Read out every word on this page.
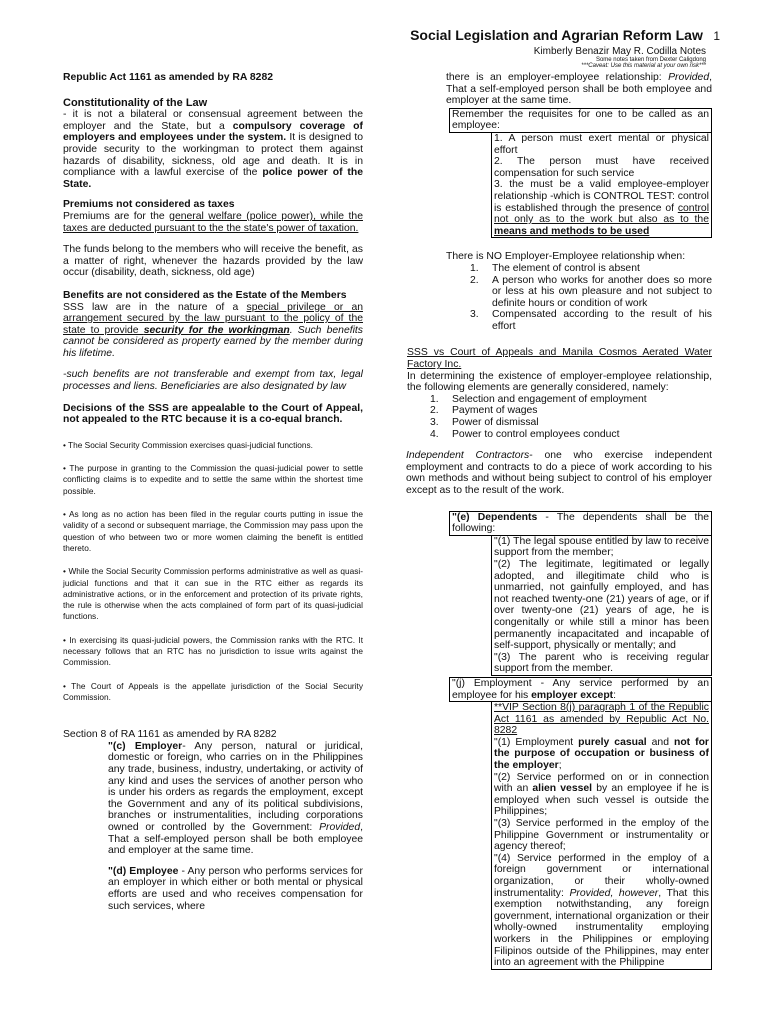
Social Legislation and Agrarian Reform Law 1
Kimberly Benazir May R. Codilla Notes
Some notes taken from Dexter Caligdong
***Caveat: Use this material at your own risk***

Republic Act 1161 as amended by RA 8282

Constitutionality of the Law

- it is not a bilateral or consensual agreement between the employer and the State, but a compulsory coverage of employers and employees under the system. It is designed to provide security to the workingman to protect them against hazards of disability, sickness, old age and death. It is in compliance with a lawful exercise of the police power of the State.

Premiums not considered as taxes

Premiums are for the general welfare (police power), while the taxes are deducted pursuant to the the state's power of taxation.

The funds belong to the members who will receive the benefit, as a matter of right, whenever the hazards provided by the law occur (disability, death, sickness, old age)

Benefits are not considered as the Estate of the Members

SSS law are in the nature of a special privilege or an arrangement secured by the law pursuant to the policy of the state to provide security for the workingman. Such benefits cannot be considered as property earned by the member during his lifetime.

-such benefits are not transferable and exempt from tax, legal processes and liens. Beneficiaries are also designated by law

Decisions of the SSS are appealable to the Court of Appeal, not appealed to the RTC because it is a co-equal branch.

• The Social Security Commission exercises quasi-judicial functions.

• The purpose in granting to the Commission the quasi-judicial power to settle conflicting claims is to expedite and to settle the same within the shortest time possible.

• As long as no action has been filed in the regular courts putting in issue the validity of a second or subsequent marriage, the Commission may pass upon the question of who between two or more women claiming the benefit is entitled thereto.

• While the Social Security Commission performs administrative as well as quasi-judicial functions and that it can sue in the RTC either as regards its administrative actions, or in the enforcement and protection of its private rights, the rule is otherwise when the acts complained of form part of its quasi-judicial functions.

• In exercising its quasi-judicial powers, the Commission ranks with the RTC. It necessary follows that an RTC has no jurisdiction to issue writs against the Commission.

• The Court of Appeals is the appellate jurisdiction of the Social Security Commission.

Section 8 of RA 1161 as amended by RA 8282

"(c) Employer- Any person, natural or juridical, domestic or foreign, who carries on in the Philippines any trade, business, industry, undertaking, or activity of any kind and uses the services of another person who is under his orders as regards the employment, except the Government and any of its political subdivisions, branches or instrumentalities, including corporations owned or controlled by the Government: Provided, That a self-employed person shall be both employee and employer at the same time.

"(d) Employee - Any person who performs services for an employer in which either or both mental or physical efforts are used and who receives compensation for such services, where

there is an employer-employee relationship: Provided, That a self-employed person shall be both employee and employer at the same time.

Remember the requisites for one to be called as an employee:

1. A person must exert mental or physical effort

2. The person must have received compensation for such service

3. the must be a valid employee-employer relationship -which is CONTROL TEST: control is established through the presence of control not only as to the work but also as to the means and methods to be used

There is NO Employer-Employee relationship when:

1. The element of control is absent
2. A person who works for another does so more or less at his own pleasure and not subject to definite hours or condition of work
3. Compensated according to the result of his effort

SSS vs Court of Appeals and Manila Cosmos Aerated Water Factory Inc.

In determining the existence of employer-employee relationship, the following elements are generally considered, namely:

1. Selection and engagement of employment
2. Payment of wages
3. Power of dismissal
4. Power to control employees conduct

Independent Contractors- one who exercise independent employment and contracts to do a piece of work according to his own methods and without being subject to control of his employer except as to the result of the work.

"(e) Dependents - The dependents shall be the following:

"(1) The legal spouse entitled by law to receive support from the member;

"(2) The legitimate, legitimated or legally adopted, and illegitimate child who is unmarried, not gainfully employed, and has not reached twenty-one (21) years of age, or if over twenty-one (21) years of age, he is congenitally or while still a minor has been permanently incapacitated and incapable of self-support, physically or mentally; and

"(3) The parent who is receiving regular support from the member.

"(j) Employment - Any service performed by an employee for his employer except:

**VIP Section 8(j) paragraph 1 of the Republic Act 1161 as amended by Republic Act No. 8282

"(1) Employment purely casual and not for the purpose of occupation or business of the employer;

"(2) Service performed on or in connection with an alien vessel by an employee if he is employed when such vessel is outside the Philippines;

"(3) Service performed in the employ of the Philippine Government or instrumentality or agency thereof;

"(4) Service performed in the employ of a foreign government or international organization, or their wholly-owned instrumentality: Provided, however, That this exemption notwithstanding, any foreign government, international organization or their wholly-owned instrumentality employing workers in the Philippines or employing Filipinos outside of the Philippines, may enter into an agreement with the Philippine
